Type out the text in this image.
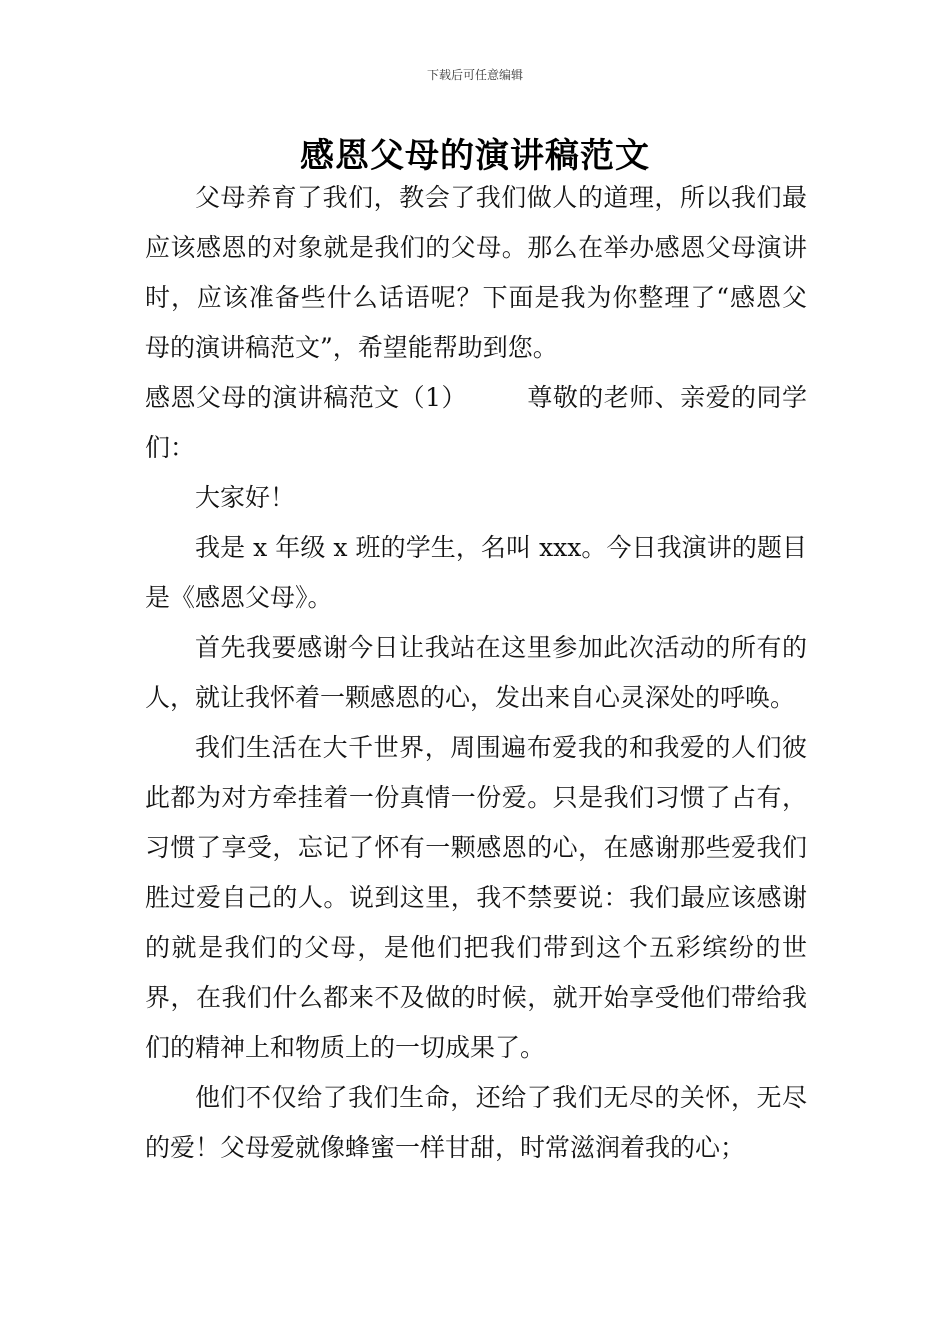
下载后可任意编辑
感恩父母的演讲稿范文

父母养育了我们，教会了我们做人的道理，所以我们最应该感恩的对象就是我们的父母。那么在举办感恩父母演讲时，应该准备些什么话语呢？下面是我为你整理了“感恩父母的演讲稿范文”，希望能帮助到您。

感恩父母的演讲稿范文（1） 尊敬的老师、亲爱的同学们：

大家好！

我是 x 年级 x 班的学生，名叫 xxx。今日我演讲的题目是《感恩父母》。

首先我要感谢今日让我站在这里参加此次活动的所有的人，就让我怀着一颗感恩的心，发出来自心灵深处的呼唤。

我们生活在大千世界，周围遍布爱我的和我爱的人们彼此都为对方牵挂着一份真情一份爱。只是我们习惯了占有，习惯了享受，忘记了怀有一颗感恩的心，在感谢那些爱我们胜过爱自己的人。说到这里，我不禁要说：我们最应该感谢的就是我们的父母，是他们把我们带到这个五彩缤纷的世界，在我们什么都来不及做的时候，就开始享受他们带给我们的精神上和物质上的一切成果了。

他们不仅给了我们生命，还给了我们无尽的关怀，无尽的爱！父母爱就像蜂蜜一样甘甜，时常滋润着我的心；
